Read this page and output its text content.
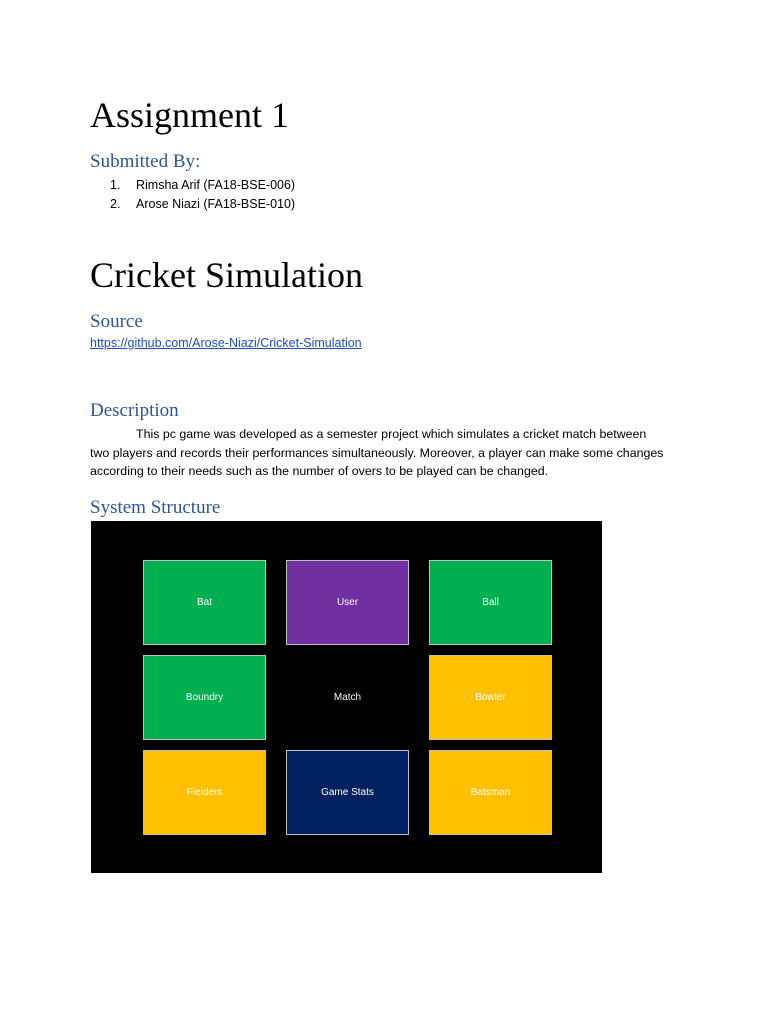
Assignment 1
Submitted By:
1. Rimsha Arif (FA18-BSE-006)
2. Arose Niazi (FA18-BSE-010)
Cricket Simulation
Source
https://github.com/Arose-Niazi/Cricket-Simulation
Description
This pc game was developed as a semester project which simulates a cricket match between
two players and records their performances simultaneously. Moreover, a player can make some changes
according to their needs such as the number of overs to be played can be changed.
System Structure
Bat	User	Ball
Boundry	Match	Bowler
Fielders	Game Stats	Batsman
